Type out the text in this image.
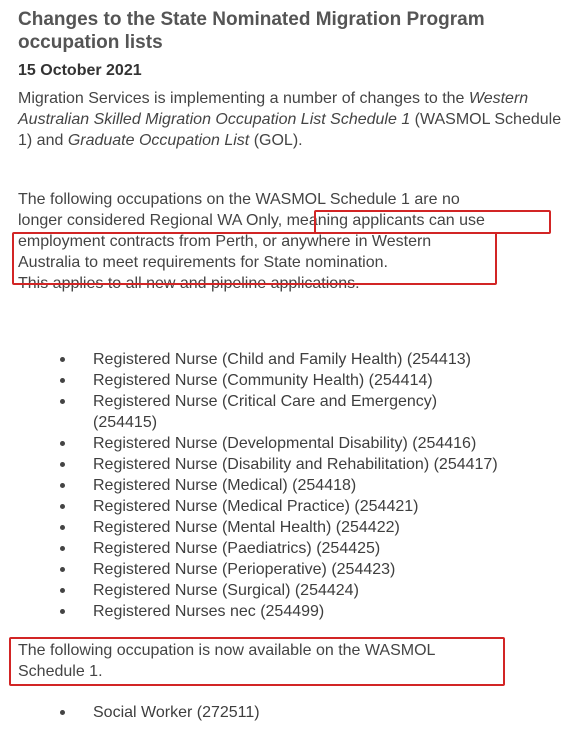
Changes to the State Nominated Migration Program occupation lists

15 October 2021

Migration Services is implementing a number of changes to the Western Australian Skilled Migration Occupation List Schedule 1 (WASMOL Schedule 1) and Graduate Occupation List (GOL).

The following occupations on the WASMOL Schedule 1 are no
longer considered Regional WA Only, meaning applicants can use
employment contracts from Perth, or anywhere in Western
Australia to meet requirements for State nomination.
This applies to all new and pipeline applications.

Registered Nurse (Child and Family Health) (254413)
Registered Nurse (Community Health) (254414)
Registered Nurse (Critical Care and Emergency) (254415)
Registered Nurse (Developmental Disability) (254416)
Registered Nurse (Disability and Rehabilitation) (254417)
Registered Nurse (Medical) (254418)
Registered Nurse (Medical Practice) (254421)
Registered Nurse (Mental Health) (254422)
Registered Nurse (Paediatrics) (254425)
Registered Nurse (Perioperative) (254423)
Registered Nurse (Surgical) (254424)
Registered Nurses nec (254499)

The following occupation is now available on the WASMOL Schedule 1.

Social Worker (272511)
